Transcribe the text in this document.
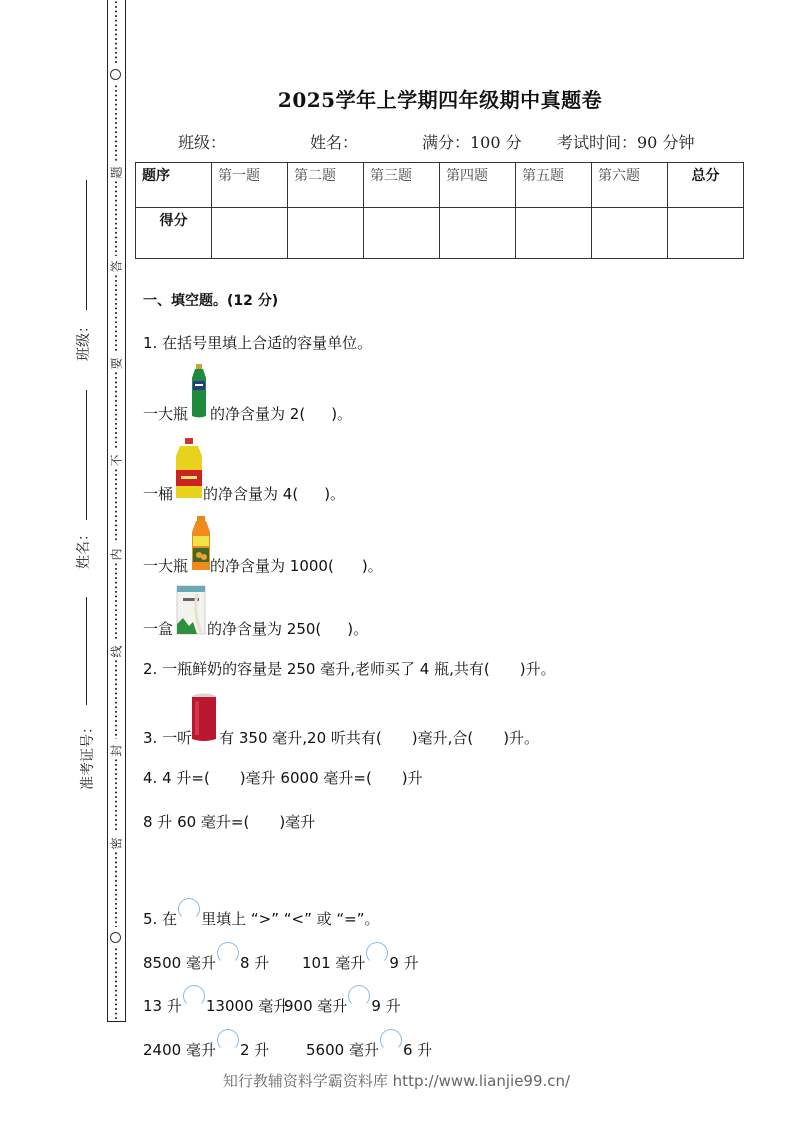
题
答
要
不
内
线
封
密
班级：
姓名：
准考证号：
2025学年上学期四年级期中真题卷
班级：	姓名：	满分：100 分 考试时间：90 分钟
题序	第一题	第二题	第三题	第四题	第五题	第六题	总分
得分							
一、填空题。(12 分)
1. 在括号里填上合适的容量单位。
一大瓶 的净含量为 2( )。
一桶 的净含量为 4( )。
一大瓶 的净含量为 1000( )。
一盒 的净含量为 250( )。
2. 一瓶鲜奶的容量是 250 毫升,老师买了 4 瓶,共有(　　)升。
3. 一听 有 350 毫升,20 听共有(　　)毫升,合(　　)升。
4. 4 升=(　　)毫升 6000 毫升=(　　)升
8 升 60 毫升=(　　)毫升
5. 在 里填上 “>” “<” 或 “=”。
8500 毫升 8 升 101 毫升 9 升
13 升 13000 毫升
900 毫升 9 升
2400 毫升 2 升 5600 毫升 6 升
知行教辅资料学霸资料库 http://www.lianjie99.cn/
